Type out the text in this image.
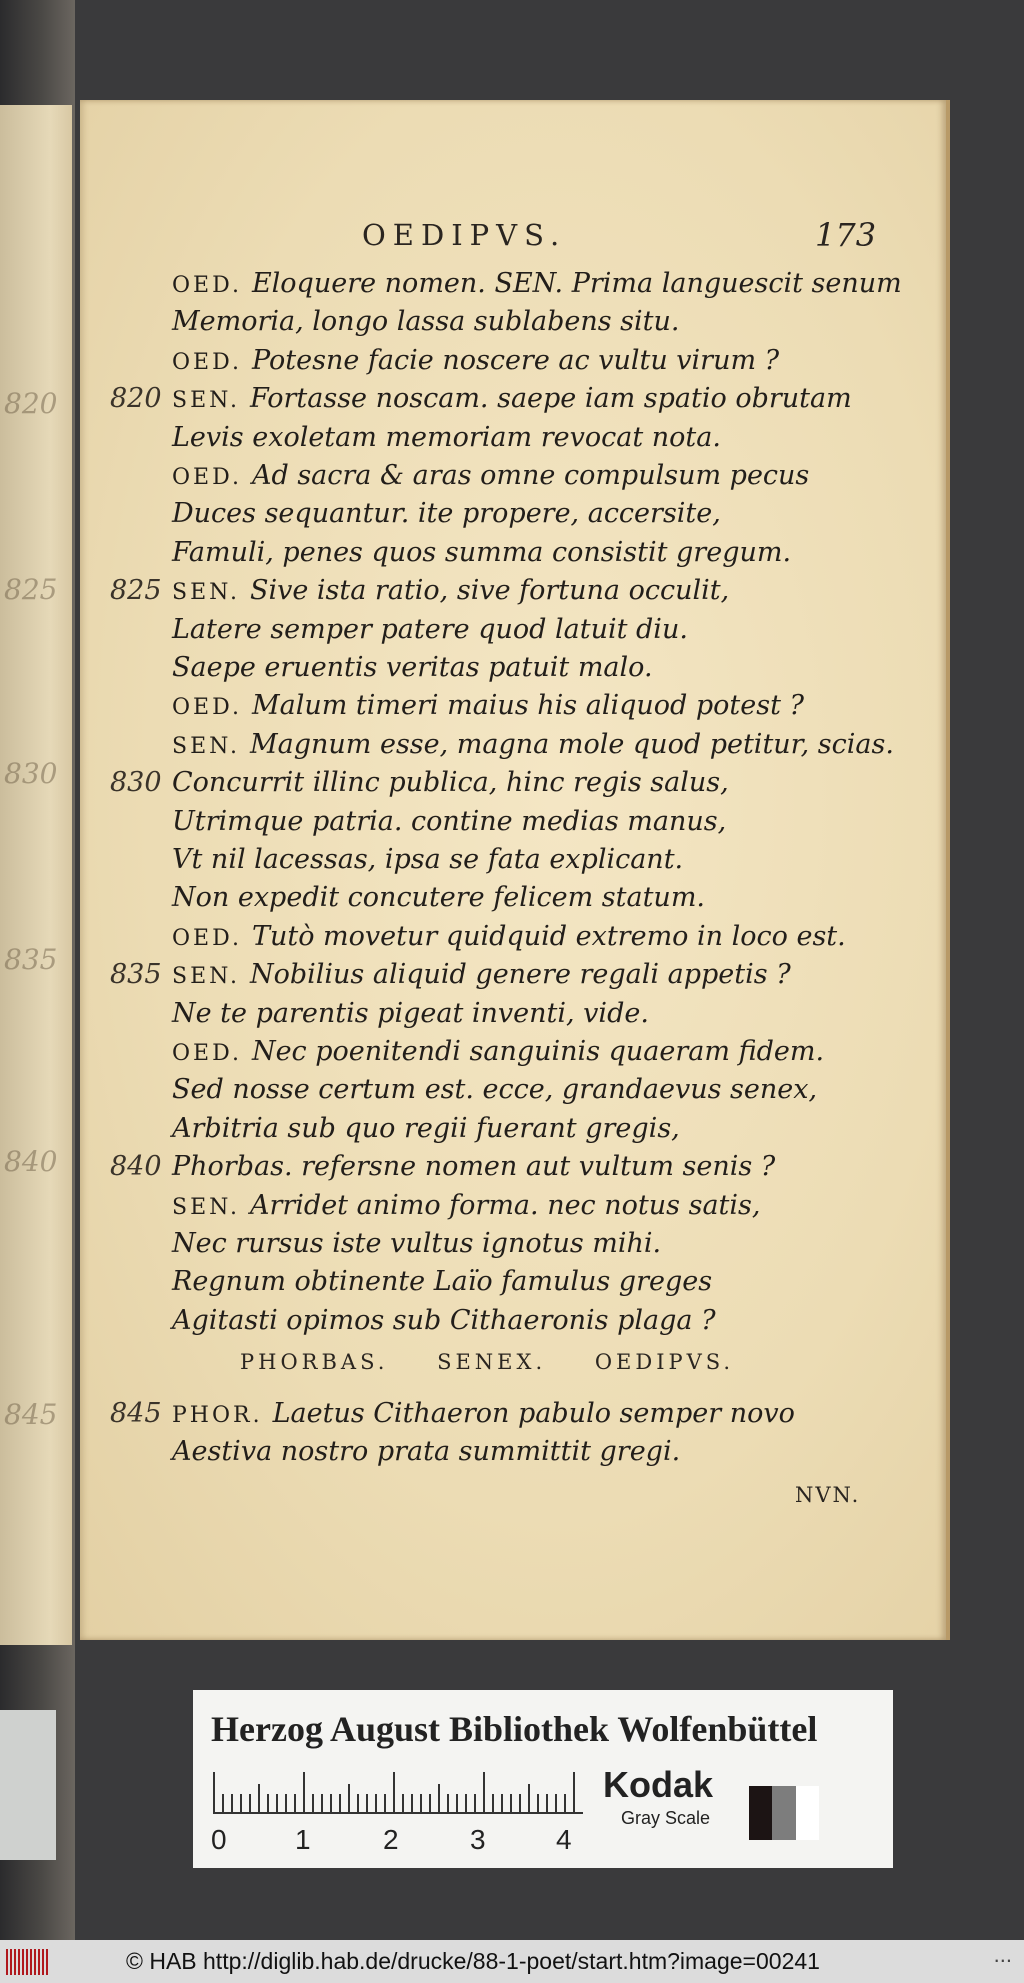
820
825
830
835
840
845
OEDIPVS.	173
OED. Eloquere nomen. SEN. Prima languescit senum
Memoria, longo lassa sublabens situ.
OED. Potesne facie noscere ac vultu virum ?
820 SEN. Fortasse noscam. saepe iam spatio obrutam
Levis exoletam memoriam revocat nota.
OED. Ad sacra & aras omne compulsum pecus
Duces sequantur. ite propere, accersite,
Famuli, penes quos summa consistit gregum.
825 SEN. Sive ista ratio, sive fortuna occulit,
Latere semper patere quod latuit diu.
Saepe eruentis veritas patuit malo.
OED. Malum timeri maius his aliquod potest ?
SEN. Magnum esse, magna mole quod petitur, scias.
830 Concurrit illinc publica, hinc regis salus,
Utrimque patria. contine medias manus,
Vt nil lacessas, ipsa se fata explicant.
Non expedit concutere felicem statum.
OED. Tutò movetur quidquid extremo in loco est.
835 SEN. Nobilius aliquid genere regali appetis ?
Ne te parentis pigeat inventi, vide.
OED. Nec poenitendi sanguinis quaeram fidem.
Sed nosse certum est. ecce, grandaevus senex,
Arbitria sub quo regii fuerant gregis,
840 Phorbas. refersne nomen aut vultum senis ?
SEN. Arridet animo forma. nec notus satis,
Nec rursus iste vultus ignotus mihi.
Regnum obtinente Laïo famulus greges
Agitasti opimos sub Cithaeronis plaga ?
PHORBAS. SENEX. OEDIPVS.
845 PHOR. Laetus Cithaeron pabulo semper novo
Aestiva nostro prata summittit gregi.
NVN.
Herzog August Bibliothek Wolfenbüttel
0 1	2	3	4
Kodak
Gray Scale
© HAB http://diglib.hab.de/drucke/88-1-poet/start.htm?image=00241	...
